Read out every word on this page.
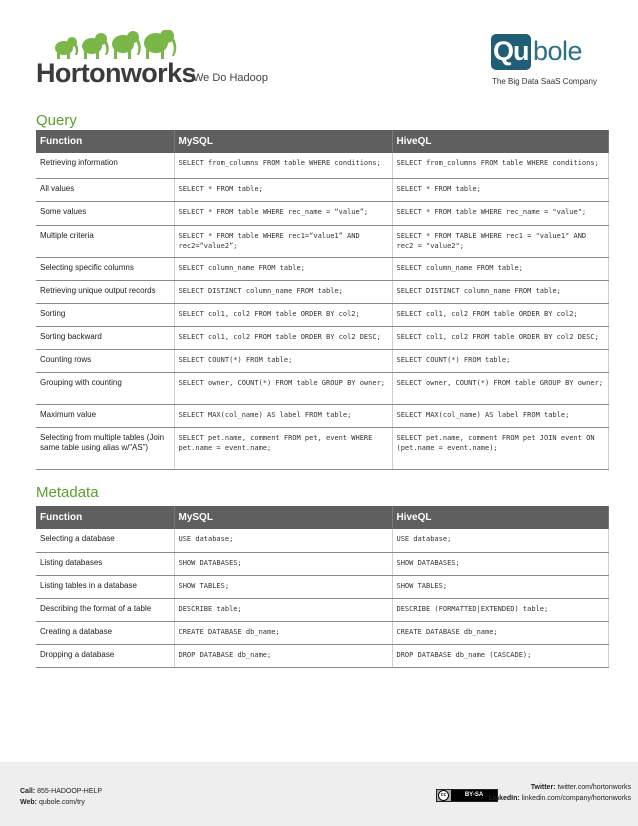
Hortonworks
We Do Hadoop
Qu bole
The Big Data SaaS Company
Query
Function	MySQL	HiveQL
Retrieving information	SELECT from_columns FROM table WHERE conditions;	SELECT from_columns FROM table WHERE conditions;
All values	SELECT * FROM table;	SELECT * FROM table;
Some values	SELECT * FROM table WHERE rec_name = “value”;	SELECT * FROM table WHERE rec_name = "value";
Multiple criteria	SELECT * FROM table WHERE rec1=“value1” AND rec2=“value2”;	SELECT * FROM TABLE WHERE rec1 = "value1" AND rec2 = "value2";
Selecting specific columns	SELECT column_name FROM table;	SELECT column_name FROM table;
Retrieving unique output records	SELECT DISTINCT column_name FROM table;	SELECT DISTINCT column_name FROM table;
Sorting	SELECT col1, col2 FROM table ORDER BY col2;	SELECT col1, col2 FROM table ORDER BY col2;
Sorting backward	SELECT col1, col2 FROM table ORDER BY col2 DESC;	SELECT col1, col2 FROM table ORDER BY col2 DESC;
Counting rows	SELECT COUNT(*) FROM table;	SELECT COUNT(*) FROM table;
Grouping with counting	SELECT owner, COUNT(*) FROM table GROUP BY owner;	SELECT owner, COUNT(*) FROM table GROUP BY owner;
Maximum value	SELECT MAX(col_name) AS label FROM table;	SELECT MAX(col_name) AS label FROM table;
Selecting from multiple tables (Join same table using alias w/”AS”)	SELECT pet.name, comment FROM pet, event WHERE pet.name = event.name;	SELECT pet.name, comment FROM pet JOIN event ON (pet.name = event.name);
Metadata
Function	MySQL	HiveQL
Selecting a database	USE database;	USE database;
Listing databases	SHOW DATABASES;	SHOW DATABASES;
Listing tables in a database	SHOW TABLES;	SHOW TABLES;
Describing the format of a table	DESCRIBE table;	DESCRIBE (FORMATTED|EXTENDED) table;
Creating a database	CREATE DATABASE db_name;	CREATE DATABASE db_name;
Dropping a database	DROP DATABASE db_name;	DROP DATABASE db_name (CASCADE);
Call: 855-HADOOP-HELP
Web: qubole.com/try
cc	BY-SA
Twitter: twitter.com/hortonworks
LinkedIn: linkedin.com/company/hortonworks
